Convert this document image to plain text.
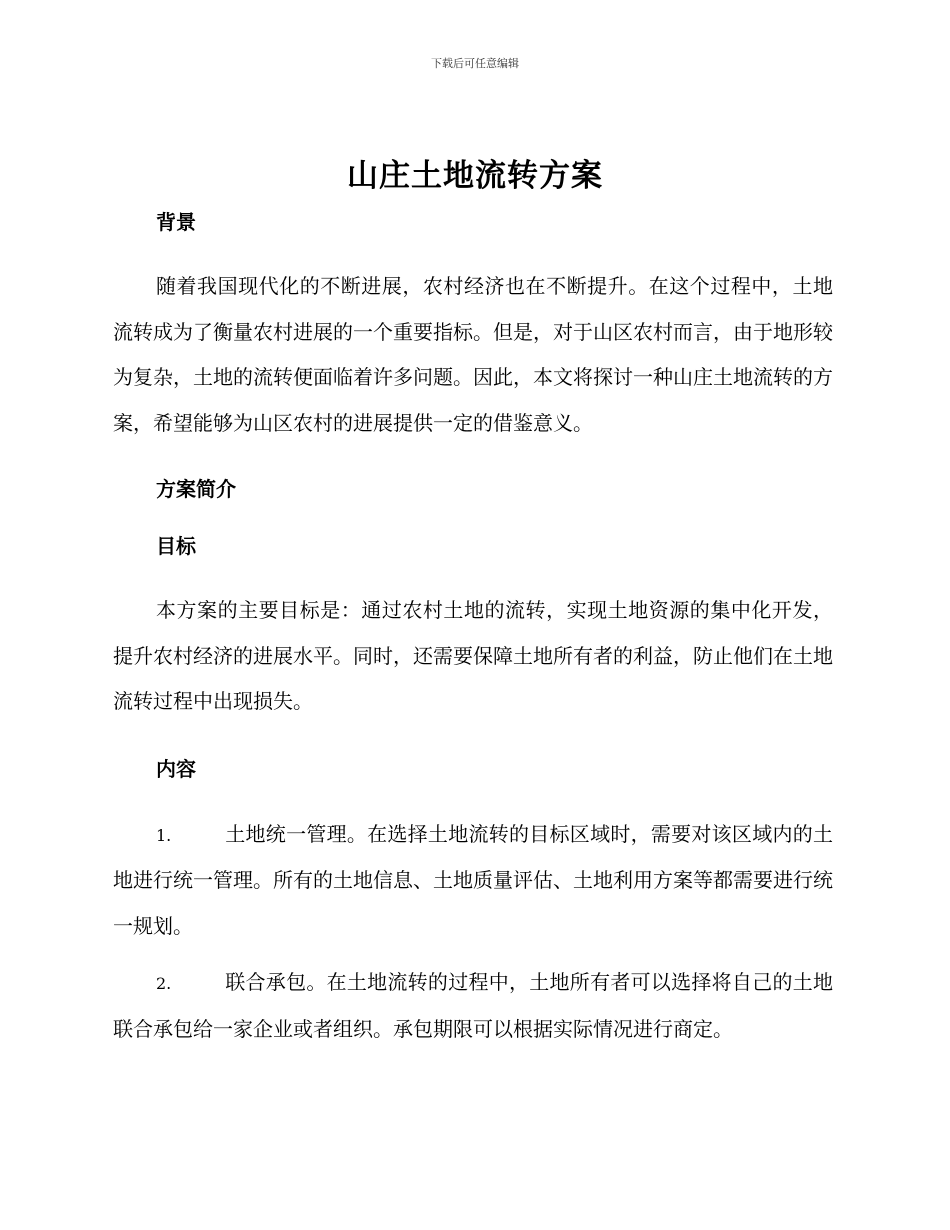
下载后可任意编辑
山庄土地流转方案
背景
随着我国现代化的不断进展，农村经济也在不断提升。在这个过程中，土地流转成为了衡量农村进展的一个重要指标。但是，对于山区农村而言，由于地形较为复杂，土地的流转便面临着许多问题。因此，本文将探讨一种山庄土地流转的方案，希望能够为山区农村的进展提供一定的借鉴意义。
方案简介
目标
本方案的主要目标是：通过农村土地的流转，实现土地资源的集中化开发，提升农村经济的进展水平。同时，还需要保障土地所有者的利益，防止他们在土地流转过程中出现损失。
内容
1.	土地统一管理。在选择土地流转的目标区域时，需要对该区域内的土地进行统一管理。所有的土地信息、土地质量评估、土地利用方案等都需要进行统一规划。
2.	联合承包。在土地流转的过程中，土地所有者可以选择将自己的土地联合承包给一家企业或者组织。承包期限可以根据实际情况进行商定。
